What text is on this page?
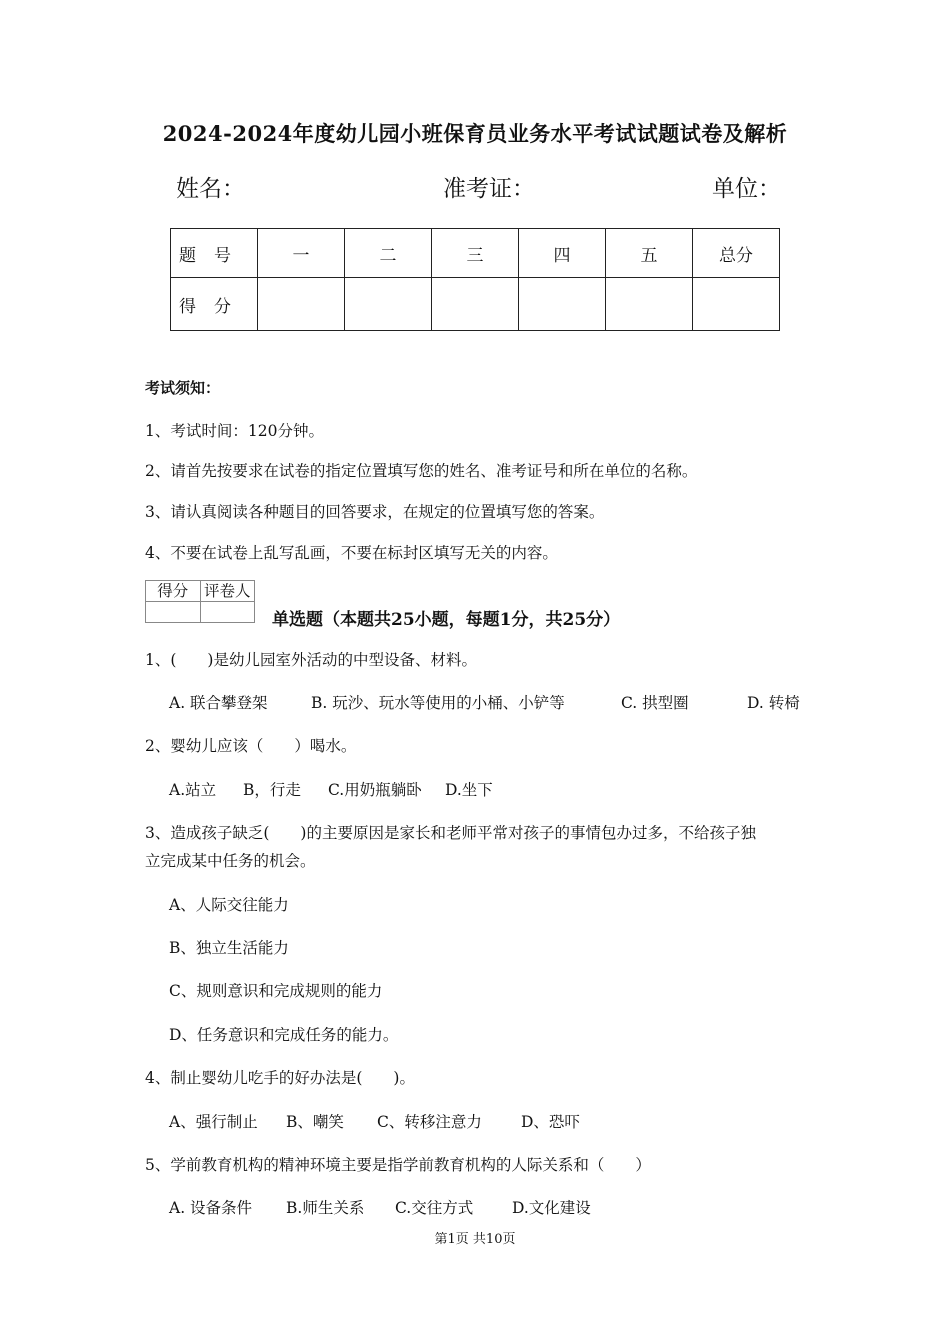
2024-2024年度幼儿园小班保育员业务水平考试试题试卷及解析
姓名：	准考证：	单位：
题号	一	二	三	四	五	总分
得分						
考试须知：
1、考试时间：120分钟。
2、请首先按要求在试卷的指定位置填写您的姓名、准考证号和所在单位的名称。
3、请认真阅读各种题目的回答要求，在规定的位置填写您的答案。
4、不要在试卷上乱写乱画，不要在标封区填写无关的内容。
得分	评卷人

单选题（本题共25小题，每题1分，共25分）
1、(　　)是幼儿园室外活动的中型设备、材料。
A. 联合攀登架	B. 玩沙、玩水等使用的小桶、小铲等	C. 拱型圈	D. 转椅
2、婴幼儿应该（　　）喝水。
A.站立 B，行走 C.用奶瓶躺卧 D.坐下
3、造成孩子缺乏(　　)的主要原因是家长和老师平常对孩子的事情包办过多，不给孩子独
立完成某中任务的机会。
A、人际交往能力
B、独立生活能力
C、规则意识和完成规则的能力
D、任务意识和完成任务的能力。
4、制止婴幼儿吃手的好办法是(　　)。
A、强行制止 B、嘲笑 C、转移注意力	D、恐吓
5、学前教育机构的精神环境主要是指学前教育机构的人际关系和（　　）
A. 设备条件 B.师生关系 C.交往方式	D.文化建设
第1页 共10页
